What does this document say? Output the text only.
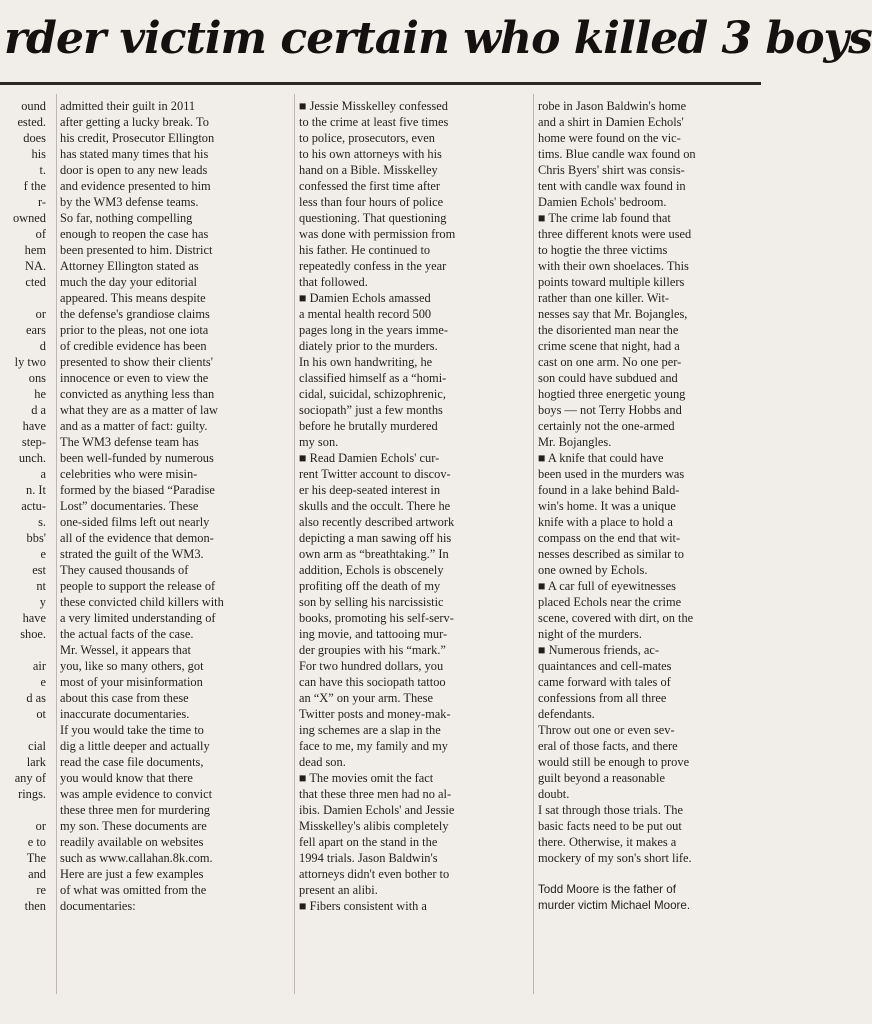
rder victim certain who killed 3 boys
ound
ested.
does
his
t.
f the
r-
owned
of
hem
NA.
cted
or
ears
d
ly two
ons
he
d a
have
step-
unch.
a
n. It
actu-
s.
bbs'
e
est
nt
y
have
shoe.
air
e
d as
ot
cial
lark
any of
rings.
or
e to
The
and
re
then
admitted their guilt in 2011
after getting a lucky break. To
his credit, Prosecutor Ellington
has stated many times that his
door is open to any new leads
and evidence presented to him
by the WM3 defense teams.
So far, nothing compelling
enough to reopen the case has
been presented to him. District
Attorney Ellington stated as
much the day your editorial
appeared. This means despite
the defense's grandiose claims
prior to the pleas, not one iota
of credible evidence has been
presented to show their clients'
innocence or even to view the
convicted as anything less than
what they are as a matter of law
and as a matter of fact: guilty.
The WM3 defense team has
been well-funded by numerous
celebrities who were misin-
formed by the biased “Paradise
Lost” documentaries. These
one-sided films left out nearly
all of the evidence that demon-
strated the guilt of the WM3.
They caused thousands of
people to support the release of
these convicted child killers with
a very limited understanding of
the actual facts of the case.
Mr. Wessel, it appears that
you, like so many others, got
most of your misinformation
about this case from these
inaccurate documentaries.
If you would take the time to
dig a little deeper and actually
read the case file documents,
you would know that there
was ample evidence to convict
these three men for murdering
my son. These documents are
readily available on websites
such as www.callahan.8k.com.
Here are just a few examples
of what was omitted from the
documentaries:
■ Jessie Misskelley confessed
to the crime at least five times
to police, prosecutors, even
to his own attorneys with his
hand on a Bible. Misskelley
confessed the first time after
less than four hours of police
questioning. That questioning
was done with permission from
his father. He continued to
repeatedly confess in the year
that followed.
■ Damien Echols amassed
a mental health record 500
pages long in the years imme-
diately prior to the murders.
In his own handwriting, he
classified himself as a “homi-
cidal, suicidal, schizophrenic,
sociopath” just a few months
before he brutally murdered
my son.
■ Read Damien Echols' cur-
rent Twitter account to discov-
er his deep-seated interest in
skulls and the occult. There he
also recently described artwork
depicting a man sawing off his
own arm as “breathtaking.” In
addition, Echols is obscenely
profiting off the death of my
son by selling his narcissistic
books, promoting his self-serv-
ing movie, and tattooing mur-
der groupies with his “mark.”
For two hundred dollars, you
can have this sociopath tattoo
an “X” on your arm. These
Twitter posts and money-mak-
ing schemes are a slap in the
face to me, my family and my
dead son.
■ The movies omit the fact
that these three men had no al-
ibis. Damien Echols' and Jessie
Misskelley's alibis completely
fell apart on the stand in the
1994 trials. Jason Baldwin's
attorneys didn't even bother to
present an alibi.
■ Fibers consistent with a
robe in Jason Baldwin's home
and a shirt in Damien Echols'
home were found on the vic-
tims. Blue candle wax found on
Chris Byers' shirt was consis-
tent with candle wax found in
Damien Echols' bedroom.
■ The crime lab found that
three different knots were used
to hogtie the three victims
with their own shoelaces. This
points toward multiple killers
rather than one killer. Wit-
nesses say that Mr. Bojangles,
the disoriented man near the
crime scene that night, had a
cast on one arm. No one per-
son could have subdued and
hogtied three energetic young
boys — not Terry Hobbs and
certainly not the one-armed
Mr. Bojangles.
■ A knife that could have
been used in the murders was
found in a lake behind Bald-
win's home. It was a unique
knife with a place to hold a
compass on the end that wit-
nesses described as similar to
one owned by Echols.
■ A car full of eyewitnesses
placed Echols near the crime
scene, covered with dirt, on the
night of the murders.
■ Numerous friends, ac-
quaintances and cell-mates
came forward with tales of
confessions from all three
defendants.
Throw out one or even sev-
eral of those facts, and there
would still be enough to prove
guilt beyond a reasonable
doubt.
I sat through those trials. The
basic facts need to be put out
there. Otherwise, it makes a
mockery of my son's short life.
Todd Moore is the father of
murder victim Michael Moore.
